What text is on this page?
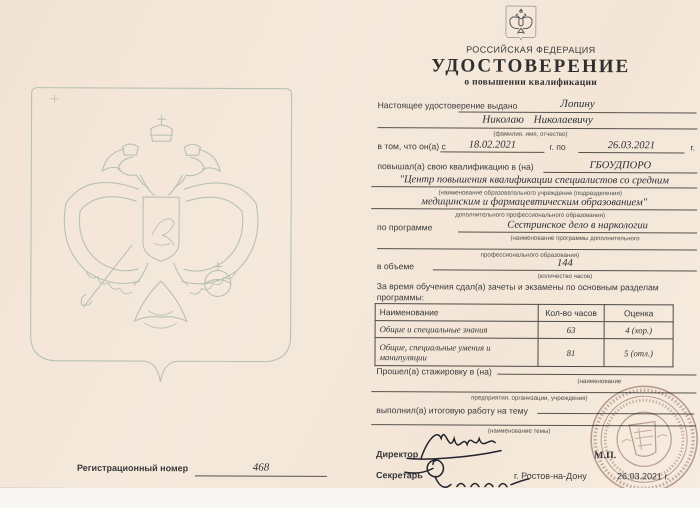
Регистрационный номер	468
РОССИЙСКАЯ ФЕДЕРАЦИЯ
УДОСТОВЕРЕНИЕ
о повышении квалификации
Настоящее удостоверение выдано	Лопину
Николаю Николаевичу
(фамилия, имя, отчество)
в том, что он(а) с 18.02.2021	г. по	26.03.2021	г.
повышал(а) свою квалификацию в (на)	ГБОУДПОРО
"Центр повышения квалификации специалистов со средним
(наименование образовательного учреждения (подразделения)
медицинским и фармацевтическим образованием"
дополнительного профессионального образования)
по программе	Сестринское дело в наркологии
(наименование программы дополнительного
профессионального образования)
в объеме	144
(количество часов)
За время обучения сдал(а) зачеты и экзамены по основным разделам программы:
Наименование	Кол-во часов	Оценка
Общие и специальные знания	63	4 (хор.)
Общие, специальные умения и манипуляции	81	5 (отл.)
Прошел(а) стажировку в (на)
(наименование
предприятия, организации, учреждения)
выполнил(а) итоговую работу на тему
(наименование темы)
Директор	М.П.
Секретарь	г. Ростов-на-Дону	26.03.2021 г.
